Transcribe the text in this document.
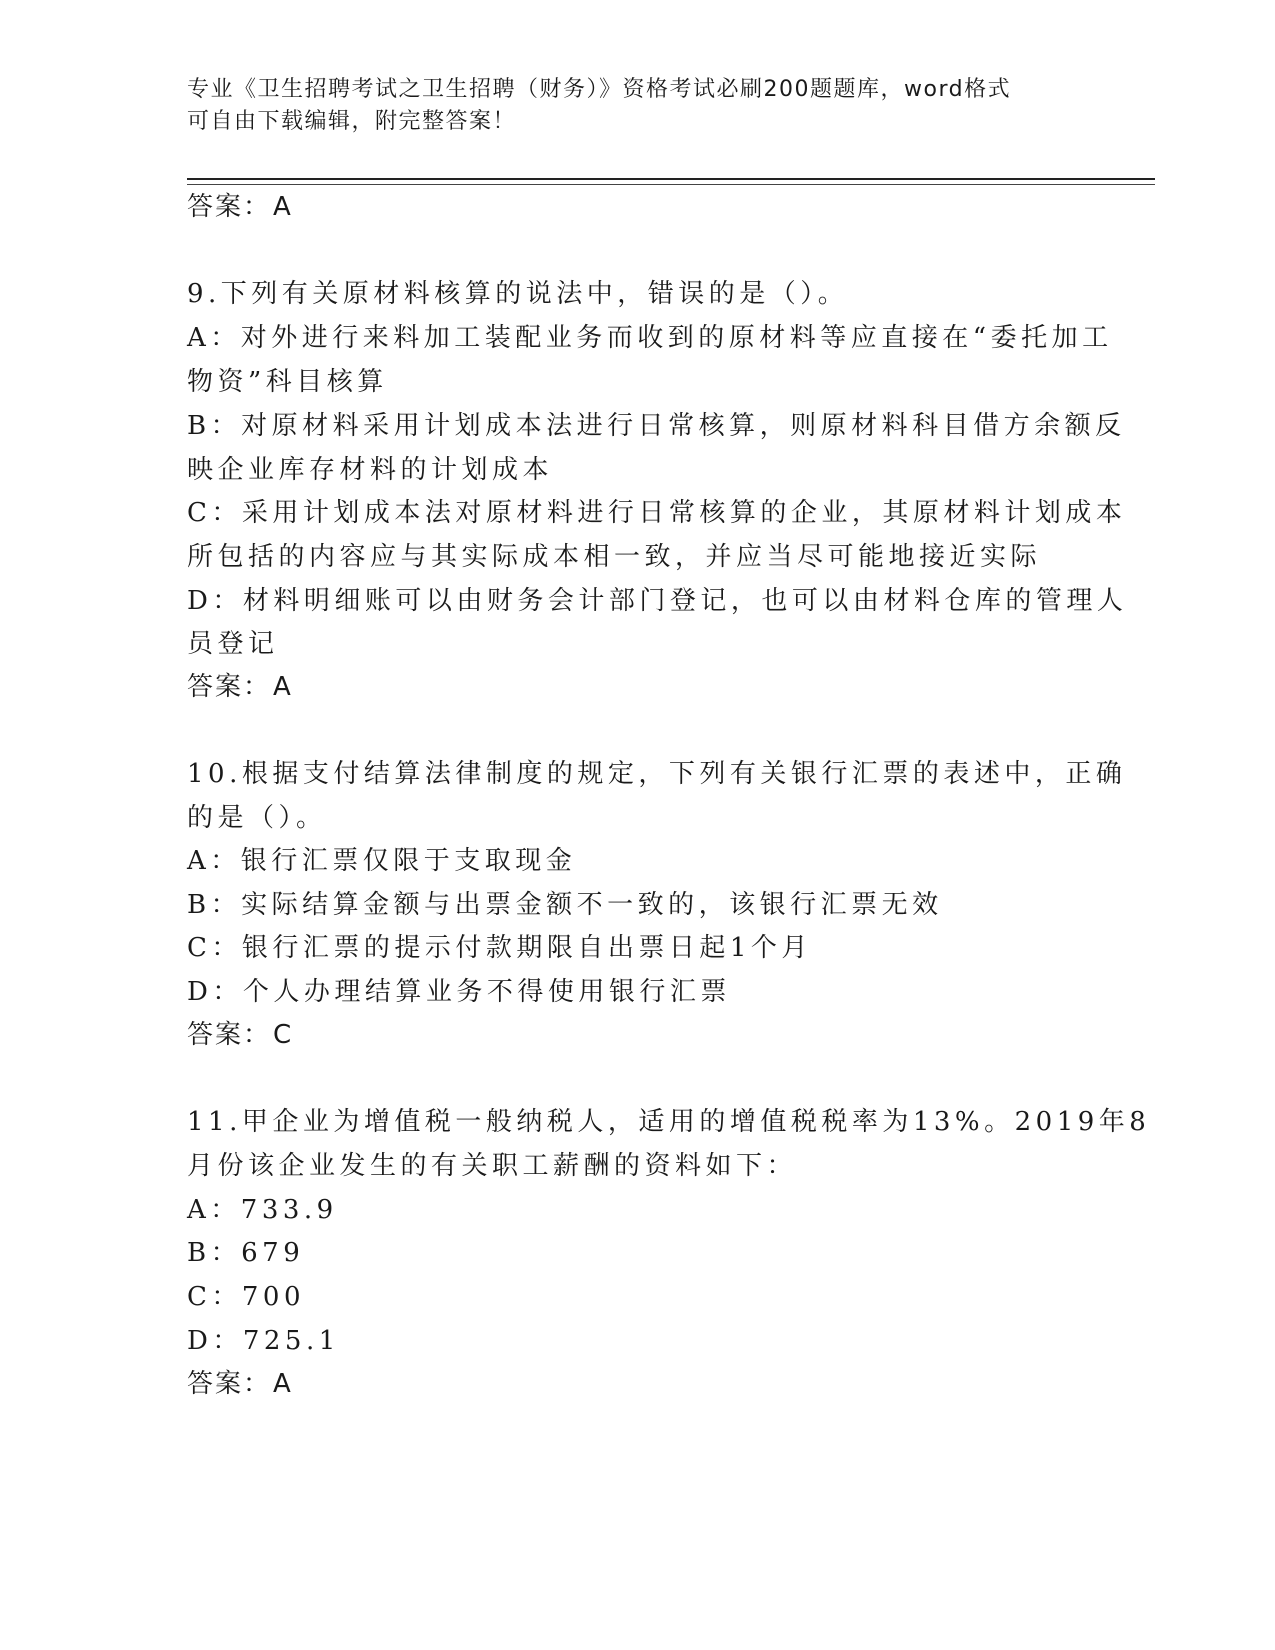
专业《卫生招聘考试之卫生招聘（财务）》资格考试必刷200题题库，word格式
可自由下载编辑，附完整答案！
答案：A
9.下列有关原材料核算的说法中，错误的是（）。
A：对外进行来料加工装配业务而收到的原材料等应直接在“委托加工
物资”科目核算
B：对原材料采用计划成本法进行日常核算，则原材料科目借方余额反
映企业库存材料的计划成本
C：采用计划成本法对原材料进行日常核算的企业，其原材料计划成本
所包括的内容应与其实际成本相一致，并应当尽可能地接近实际
D：材料明细账可以由财务会计部门登记，也可以由材料仓库的管理人
员登记
答案：A
10.根据支付结算法律制度的规定，下列有关银行汇票的表述中，正确
的是（）。
A：银行汇票仅限于支取现金
B：实际结算金额与出票金额不一致的，该银行汇票无效
C：银行汇票的提示付款期限自出票日起1个月
D：个人办理结算业务不得使用银行汇票
答案：C
11.甲企业为增值税一般纳税人，适用的增值税税率为13%。2019年8
月份该企业发生的有关职工薪酬的资料如下：
A：733.9
B：679
C：700
D：725.1
答案：A
